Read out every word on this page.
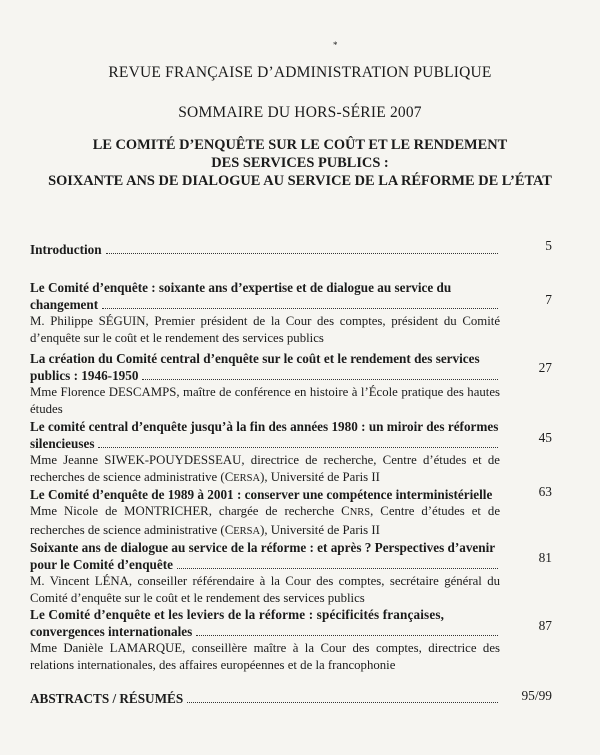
*
REVUE FRANÇAISE D’ADMINISTRATION PUBLIQUE
SOMMAIRE DU HORS-SÉRIE 2007
LE COMITÉ D’ENQUÊTE SUR LE COÛT ET LE RENDEMENT
DES SERVICES PUBLICS :
SOIXANTE ANS DE DIALOGUE AU SERVICE DE LA RÉFORME DE L’ÉTAT
Introduction	5
Le Comité d’enquête : soixante ans d’expertise et de dialogue au service du
changement
M. Philippe SÉGUIN, Premier président de la Cour des comptes, président du Comité d’enquête sur le coût et le rendement des services publics
7
La création du Comité central d’enquête sur le coût et le rendement des services
publics : 1946-1950
Mme Florence DESCAMPS, maître de conférence en histoire à l’École pratique des hautes études
27
Le comité central d’enquête jusqu’à la fin des années 1980 : un miroir des réformes
silencieuses
Mme Jeanne SIWEK-POUYDESSEAU, directrice de recherche, Centre d’études et de recherches de science administrative (CERSA), Université de Paris II
45
Le Comité d’enquête de 1989 à 2001 : conserver une compétence interministérielle
Mme Nicole de MONTRICHER, chargée de recherche CNRS, Centre d’études et de recherches de science administrative (CERSA), Université de Paris II
63
Soixante ans de dialogue au service de la réforme : et après ? Perspectives d’avenir
pour le Comité d’enquête
M. Vincent LÉNA, conseiller référendaire à la Cour des comptes, secrétaire général du Comité d’enquête sur le coût et le rendement des services publics
81
Le Comité d’enquête et les leviers de la réforme : spécificités françaises,
convergences internationales
Mme Danièle LAMARQUE, conseillère maître à la Cour des comptes, directrice des relations internationales, des affaires européennes et de la francophonie
87
ABSTRACTS / RÉSUMÉS	95/99
